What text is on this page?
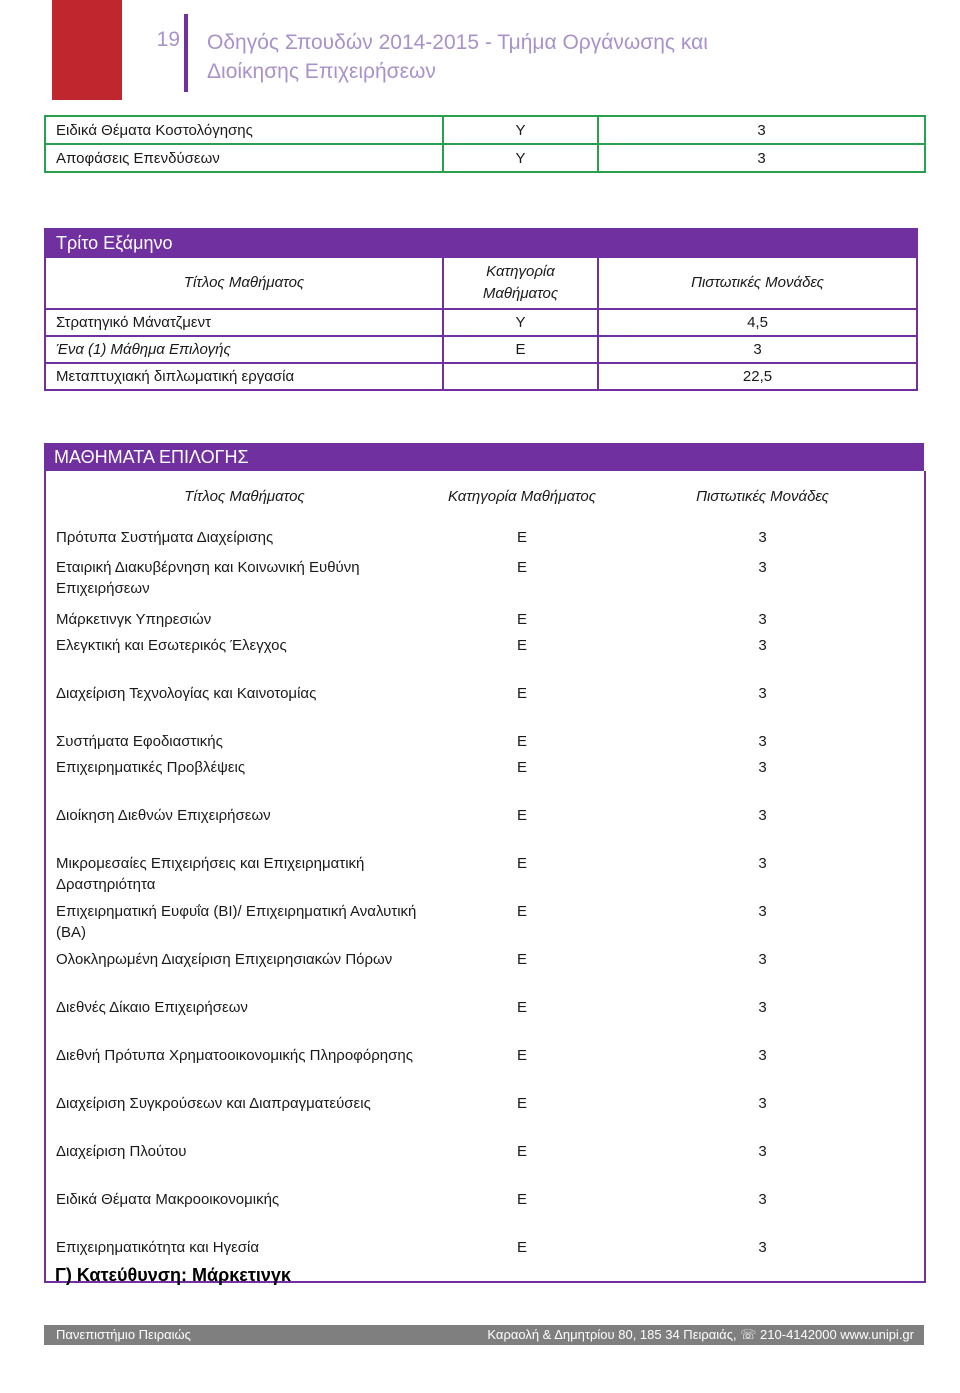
19 Οδηγός Σπουδών 2014-2015 - Τμήμα Οργάνωσης και Διοίκησης Επιχειρήσεων
Ειδικά Θέματα Κοστολόγησης	Υ	3
Αποφάσεις Επενδύσεων	Υ	3
Τρίτο Εξάμηνο		
Τίτλος Μαθήματος	Κατηγορία Μαθήματος	Πιστωτικές Μονάδες
Στρατηγικό Μάνατζμεντ	Υ	4,5
Ένα (1) Μάθημα Επιλογής	Ε	3
Μεταπτυχιακή διπλωματική εργασία		22,5
ΜΑΘΗΜΑΤΑ ΕΠΙΛΟΓΗΣ
Τίτλος Μαθήματος	Κατηγορία Μαθήματος	Πιστωτικές Μονάδες
Πρότυπα Συστήματα Διαχείρισης	Ε	3
Εταιρική Διακυβέρνηση και Κοινωνική Ευθύνη Επιχειρήσεων	Ε	3
Μάρκετινγκ Υπηρεσιών	Ε	3
Ελεγκτική και Εσωτερικός Έλεγχος	Ε	3
Διαχείριση Τεχνολογίας και Καινοτομίας	Ε	3
Συστήματα Εφοδιαστικής	Ε	3
Επιχειρηματικές Προβλέψεις	Ε	3
Διοίκηση Διεθνών Επιχειρήσεων	Ε	3
Μικρομεσαίες Επιχειρήσεις και Επιχειρηματική Δραστηριότητα	Ε	3
Επιχειρηματική Ευφυΐα (BI)/ Επιχειρηματική Αναλυτική (BA)	Ε	3
Ολοκληρωμένη Διαχείριση Επιχειρησιακών Πόρων	Ε	3
Διεθνές Δίκαιο Επιχειρήσεων	Ε	3
Διεθνή Πρότυπα Χρηματοοικονομικής Πληροφόρησης	Ε	3
Διαχείριση Συγκρούσεων και Διαπραγματεύσεις	Ε	3
Διαχείριση Πλούτου	Ε	3
Ειδικά Θέματα Μακροοικονομικής	Ε	3
Επιχειρηματικότητα και Ηγεσία	Ε	3
Γ) Κατεύθυνση: Μάρκετινγκ
Πανεπιστήμιο Πειραιώς	Καραολή & Δημητρίου 80, 185 34 Πειραιάς, ☏ 210-4142000 www.unipi.gr
